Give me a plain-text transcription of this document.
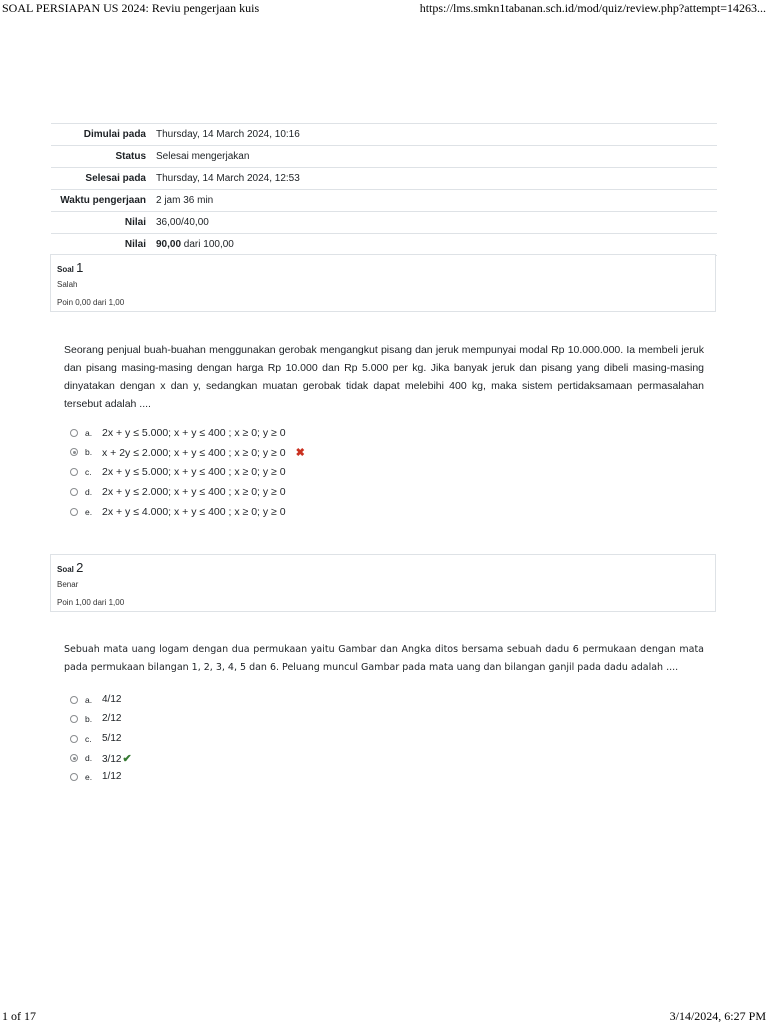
SOAL PERSIAPAN US 2024: Reviu pengerjaan kuis	https://lms.smkn1tabanan.sch.id/mod/quiz/review.php?attempt=14263...
Dimulai pada	Thursday, 14 March 2024, 10:16
Status	Selesai mengerjakan
Selesai pada	Thursday, 14 March 2024, 12:53
Waktu pengerjaan	2 jam 36 min
Nilai	36,00/40,00
Nilai	90,00 dari 100,00
Soal 1
Salah
Poin 0,00 dari 1,00
Seorang penjual buah-buahan menggunakan gerobak mengangkut pisang dan jeruk mempunyai modal Rp 10.000.000. Ia membeli jeruk dan pisang masing-masing dengan harga Rp 10.000 dan Rp 5.000 per kg. Jika banyak jeruk dan pisang yang dibeli masing-masing dinyatakan dengan x dan y, sedangkan muatan gerobak tidak dapat melebihi 400 kg, maka sistem pertidaksamaan permasalahan tersebut adalah ....
a. 2x + y ≤ 5.000; x + y ≤ 400 ; x ≥ 0; y ≥ 0
b. x + 2y ≤ 2.000; x + y ≤ 400 ; x ≥ 0; y ≥ 0 ✖
c. 2x + y ≤ 5.000; x + y ≤ 400 ; x ≥ 0; y ≥ 0
d. 2x + y ≤ 2.000; x + y ≤ 400 ; x ≥ 0; y ≥ 0
e. 2x + y ≤ 4.000; x + y ≤ 400 ; x ≥ 0; y ≥ 0
Soal 2
Benar
Poin 1,00 dari 1,00
Sebuah mata uang logam dengan dua permukaan yaitu Gambar dan Angka ditos bersama sebuah dadu 6 permukaan dengan mata pada permukaan bilangan 1, 2, 3, 4, 5 dan 6. Peluang muncul Gambar pada mata uang dan bilangan ganjil pada dadu adalah ....
a. 4/12
b. 2/12
c. 5/12
d. 3/12✔
e. 1/12
1 of 17	3/14/2024, 6:27 PM
